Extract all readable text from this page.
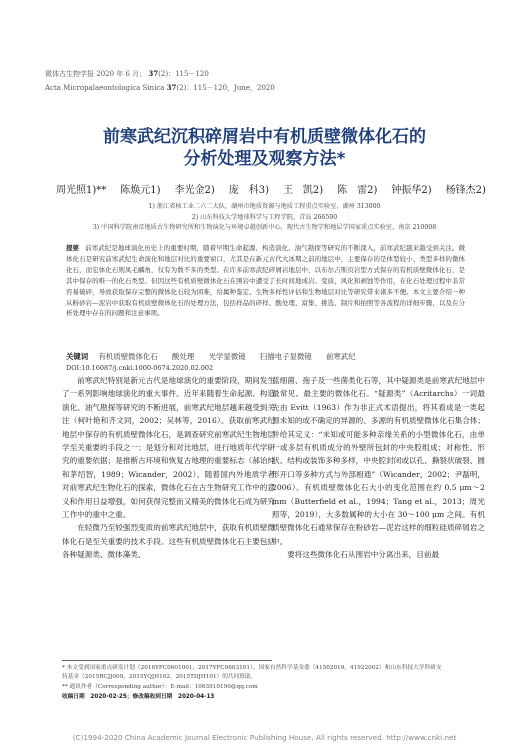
微体古生物学报 2020 年 6 月； 37(2)：115－120
Acta Micropalaeontologica Sinica 37(2)：115－120，June，2020
前寒武纪沉积碎屑岩中有机质壁微体化石的
分析处理及观察方法*
周光照1)** 陈焕元1) 李光金2) 庞　科3) 王　凯2) 陈　雷2) 钟振华2) 杨锋杰2)
1) 浙江省核工业二六二大队，湖州市地质资源与地质工程重点实验室，湖州 313000
2) 山东科技大学地球科学与工程学院，青岛 266590
3) 中国科学院南京地质古生物研究所和生物演化与环境卓越创新中心，现代古生物学和地层学国家重点实验室，南京 210008
提要 前寒武纪是地球演化历史上的重要时期，随着早期生命起源、构造演化、油气勘探等研究的不断深入，前寒武纪越来越受到关注。微体化石是研究前寒武纪生命演化和地层对比的重要窗口，尤其是在新元古代大冰期之前的地层中，主要保存的是体型较小、类型多样的微体化石，而宏体化石则凤毛麟角，仅有为数不多的类型。在许多前寒武纪碎屑岩地层中，以布尔吉斯页岩型方式保存的有机质壁微体化石，是其中保存的唯一的化石类型。但因这些有机质壁微体化石在围岩中遭受了长时间地成岩、变质、风化和剥蚀等作用，在化石处理过程中非常容易破碎，导致获取保存完整的微体化石较为困难，给属种鉴定、生物多样性评估和生物地层对比等研究带来诸多不便。本文主要介绍一种从粉砂岩—泥岩中获取有机质壁微体化石的处理方法，包括样品的碎样、酸处理、富集、挑选、制片和拍照等各流程的详细步骤，以及在分析处理中存在的问题和注意事项。
关键词 有机质壁微体化石 酸处理 光学显微镜 扫描电子显微镜 前寒武纪
DOI:10.16087/j.cnki.1000-0674.2020.02.002

前寒武纪特别是新元古代是地球演化的重要阶段，期间发生了一系列影响地球演化的重大事件。近年来随着生命起源、构造演化、油气勘探等研究的不断进展，前寒武纪地层越来越受到关注（柯叶艳和齐文同，2002；吴林等，2016）。获取前寒武纪地层中保存的有机质壁微体化石，是调查研究前寒武纪生物地层学至关重要的手段之一；是划分和对比地层，进行地质年代学研究的重要依据；是推断古环境和恢复古地理的重要标志（郝诒纯和茅绍智，1989；Wicander，2002）。随着国内外地质学者对前寒武纪生物化石的探索，微体化石在古生物研究工作中的意义和作用日益增强，如何获得完整而又精美的微体化石成为研究工作中的重中之重。

在轻微乃至较强烈变质的前寒武纪地层中，获取有机质壁微体化石是至关重要的技术手段。这些有机质壁微体化石主要包括各种疑源类、微体藻类、

蓝细菌、孢子及一些菌类化石等，其中疑源类是前寒武纪地层中最常见、最主要的微体化石。“疑源类”（Acritarchs）一词最先由 Evitt（1963）作为非正式术语提出，将其看成是一类起源未知的或不确定的异源的、多源的有机质壁微体化石集合体；并给其定义：“未知或可能多种亲缘关系的小型微体化石，由单一或多层有机质成分的外壁所包封的中央腔组成；对称性、形状、结构或装饰多种多样，中央腔封闭或以孔、撕裂状破裂、圆形开口等多种方式与外部相通”（Wicander，2002；尹磊明，2006）。有机质壁微体化石大小的变化范围在约 0.5 μm～2 mm（Butterfield et al.，1994；Tang et al.，2013；周光照等，2019），大多数属种的大小在 30～100 μm 之间。有机质壁微体化石通常保存在粉砂岩—泥岩这样的细粒硅质碎屑岩之中。

要将这些微体化石从围岩中分离出来，目前最

* 本文受到国家重点研发计划（2016YFC0601001，2017YFC0603101）、国家自然科学基金委（41502019，41922002）和山东科技大学科研支
持基金（2015RCJJ009，2015YQJH102，2015TDJH101）的共同资助。
** 通讯作者（Corresponding author）：E-mail：1063910190@qq.com
收稿日期　2020-02-25；修改稿收到日期　2020-04-13
(C)1994-2020 China Academic Journal Electronic Publishing House. All rights reserved. http://www.cnki.net
